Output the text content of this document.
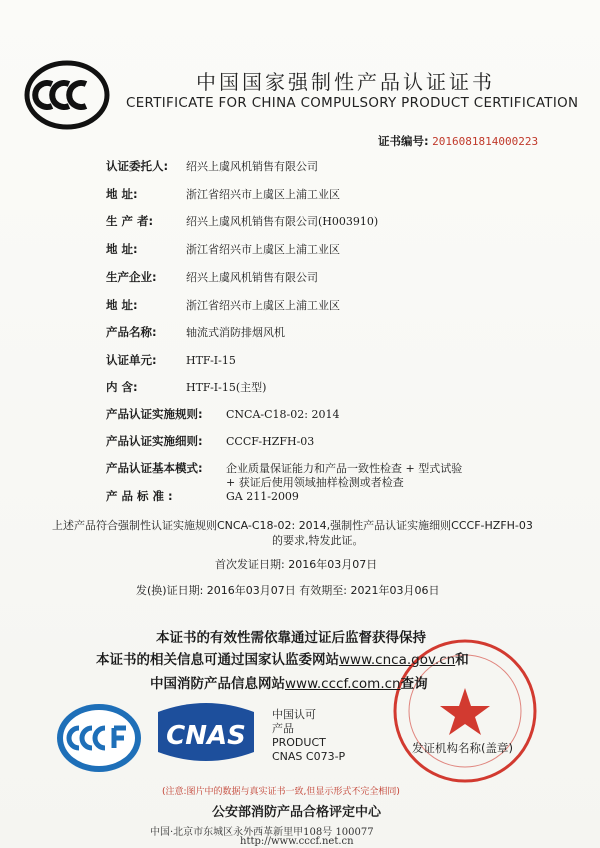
中国国家强制性产品认证证书
CERTIFICATE FOR CHINA COMPULSORY PRODUCT CERTIFICATION
证书编号: 2016081814000223
认证委托人: 绍兴上虞风机销售有限公司
地 址:	浙江省绍兴市上虞区上浦工业区
生 产 者:	绍兴上虞风机销售有限公司(H003910)
地 址:	浙江省绍兴市上虞区上浦工业区
生产企业:	绍兴上虞风机销售有限公司
地 址:	浙江省绍兴市上虞区上浦工业区
产品名称:	轴流式消防排烟风机
认证单元:	HTF-Ⅰ-15
内 含:	HTF-Ⅰ-15(主型)
产品认证实施规则: CNCA-C18-02: 2014
产品认证实施细则: CCCF-HZFH-03
产品认证基本模式: 企业质量保证能力和产品一致性检查 + 型式试验
+ 获证后使用领域抽样检测或者检查
产 品 标 准 :	GA 211-2009
上述产品符合强制性认证实施规则CNCA-C18-02: 2014,强制性产品认证实施细则CCCF-HZFH-03
的要求,特发此证。
首次发证日期: 2016年03月07日
发(换)证日期: 2016年03月07日 有效期至: 2021年03月06日
本证书的有效性需依靠通过证后监督获得保持
本证书的相关信息可通过国家认监委网站www.cnca.gov.cn和
中国消防产品信息网站www.cccf.com.cn查询
CNAS
中国认可
产品
PRODUCT
CNAS C073-P
发证机构名称(盖章)
(注意:图片中的数据与真实证书一致,但显示形式不完全相同)
公安部消防产品合格评定中心
中国·北京市东城区永外西革新里甲108号 100077
http://www.cccf.net.cn
